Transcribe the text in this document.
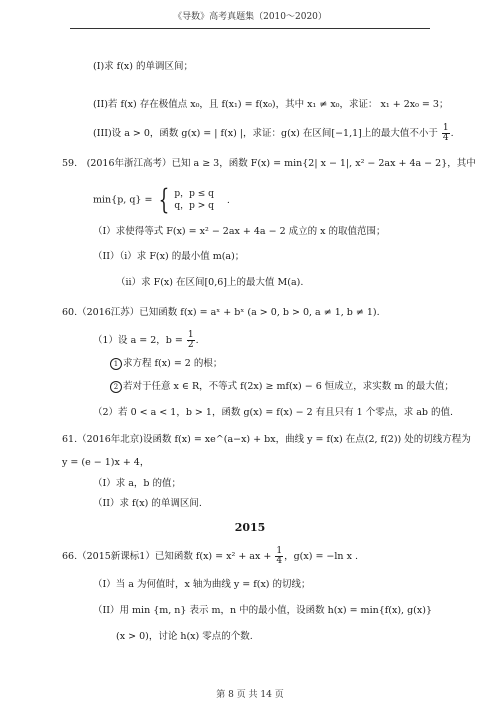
《导数》高考真题集（2010～2020）
(I)求 f(x) 的单调区间；
(II)若 f(x) 存在极值点 x₀，且 f(x₁) = f(x₀)，其中 x₁ ≠ x₀，求证： x₁ + 2x₀ = 3；
(III)设 a > 0，函数 g(x) = | f(x) |，求证：g(x) 在区间[−1,1]上的最大值不小于 $\frac{1}{4}$ .
59.　(2016年浙江高考）已知 a ≥ 3，函数 F(x) = min{2| x − 1|, x² − 2ax + 4a − 2}，其中
min{p, q} = { p，p ≤ q
q，p > q
.
（I）求使得等式 F(x) = x² − 2ax + 4a − 2 成立的 x 的取值范围；
（II）（i）求 F(x) 的最小值 m(a)；
（ii）求 F(x) 在区间[0,6]上的最大值 M(a).
60.（2016江苏）已知函数 f(x) = aˣ + bˣ (a > 0, b > 0, a ≠ 1, b ≠ 1).
（1）设 a = 2，$b = \frac{1}{2}$ .
1 求方程 f(x) = 2 的根；
2 若对于任意 x ∈ R，不等式 f(2x) ≥ mf(x) − 6 恒成立，求实数 m 的最大值；
（2）若 0 < a < 1，b > 1，函数 g(x) = f(x) − 2 有且只有 1 个零点，求 ab 的值.
61.（2016年北京)设函数 f(x) = xe^(a−x) + bx，曲线 y = f(x) 在点(2, f(2)) 处的切线方程为
y = (e − 1)x + 4，
（I）求 a，b 的值；
（II）求 f(x) 的单调区间.
2015
66.（2015新课标1）已知函数 f(x) = x² + ax + $\frac{1}{4}$ ，g(x) = −ln x .
（I）当 a 为何值时，x 轴为曲线 y = f(x) 的切线；
（II）用 min {m, n} 表示 m，n 中的最小值，设函数 h(x) = min{f(x), g(x)}
(x > 0)，讨论 h(x) 零点的个数.
第 8 页 共 14 页
